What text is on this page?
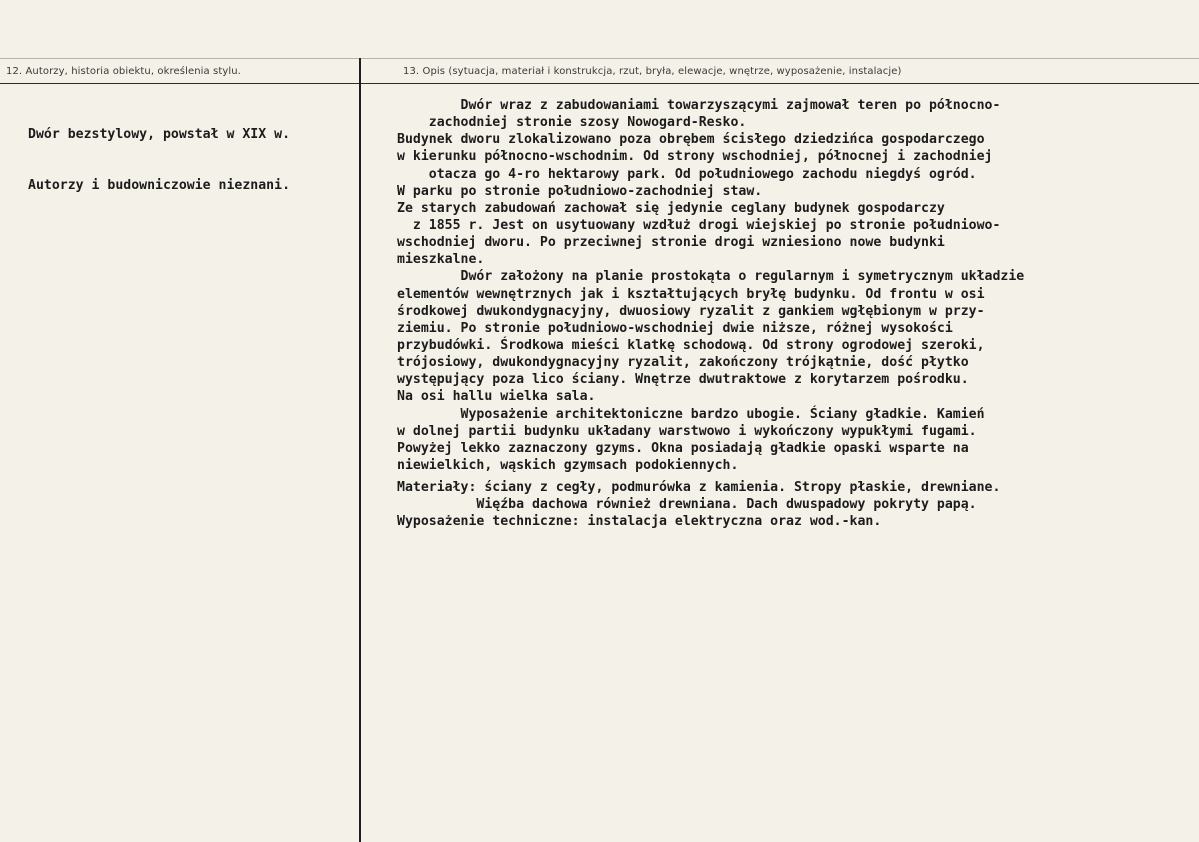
12. Autorzy, historia obiektu, określenia stylu.	13. Opis (sytuacja, materiał i konstrukcja, rzut, bryła, elewacje, wnętrze, wyposażenie, instalacje)

Dwór bezstylowy, powstał w XIX w.

Autorzy i budowniczowie nieznani.

Dwór wraz z zabudowaniami towarzyszącymi zajmował teren po północno-
zachodniej stronie szosy Nowogard-Resko.
Budynek dworu zlokalizowano poza obrębem ścisłego dziedzińca gospodarczego
w kierunku północno-wschodnim. Od strony wschodniej, północnej i zachodniej
otacza go 4-ro hektarowy park. Od południowego zachodu niegdyś ogród.
W parku po stronie południowo-zachodniej staw.
Ze starych zabudowań zachował się jedynie ceglany budynek gospodarczy
z 1855 r. Jest on usytuowany wzdłuż drogi wiejskiej po stronie południowo-
wschodniej dworu. Po przeciwnej stronie drogi wzniesiono nowe budynki
mieszkalne.
Dwór założony na planie prostokąta o regularnym i symetrycznym układzie
elementów wewnętrznych jak i kształtujących bryłę budynku. Od frontu w osi
środkowej dwukondygnacyjny, dwuosiowy ryzalit z gankiem wgłębionym w przy-
ziemiu. Po stronie południowo-wschodniej dwie niższe, różnej wysokości
przybudówki. Środkowa mieści klatkę schodową. Od strony ogrodowej szeroki,
trójosiowy, dwukondygnacyjny ryzalit, zakończony trójkątnie, dość płytko
występujący poza lico ściany. Wnętrze dwutraktowe z korytarzem pośrodku.
Na osi hallu wielka sala.
Wyposażenie architektoniczne bardzo ubogie. Ściany gładkie. Kamień
w dolnej partii budynku układany warstwowo i wykończony wypukłymi fugami.
Powyżej lekko zaznaczony gzyms. Okna posiadają gładkie opaski wsparte na
niewielkich, wąskich gzymsach podokiennych.
Materiały: ściany z cegły, podmurówka z kamienia. Stropy płaskie, drewniane.
Więźba dachowa również drewniana. Dach dwuspadowy pokryty papą.
Wyposażenie techniczne: instalacja elektryczna oraz wod.-kan.
